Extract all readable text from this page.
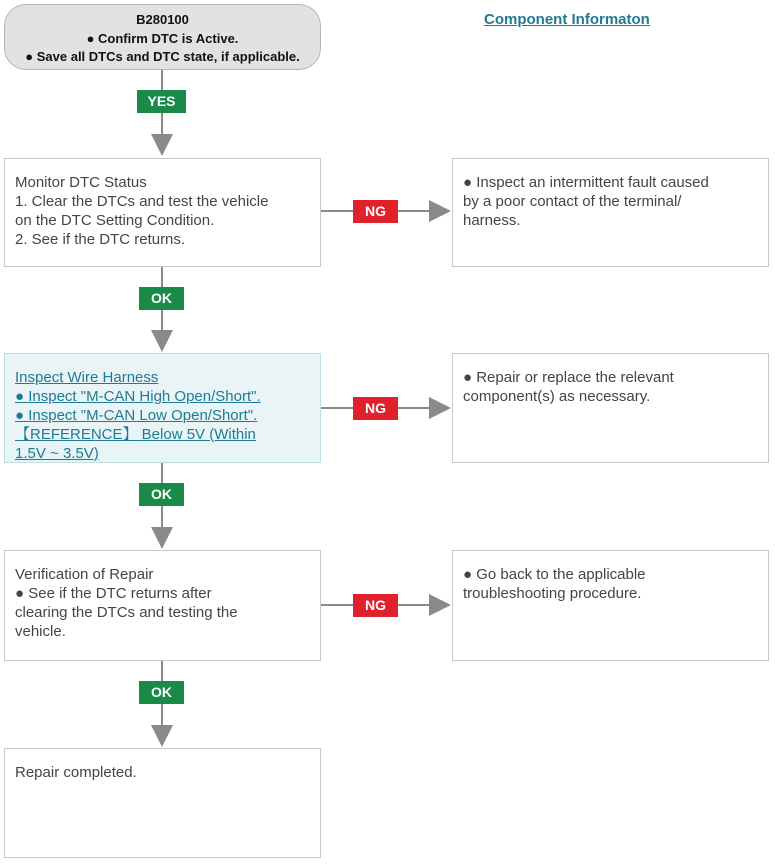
B280100
● Confirm DTC is Active.
● Save all DTCs and DTC state, if applicable.
Component Informaton
YES
OK
OK
OK
NG
NG
NG
Monitor DTC Status
1. Clear the DTCs and test the vehicle
on the DTC Setting Condition.
2. See if the DTC returns.
● Inspect an intermittent fault caused
by a poor contact of the terminal/
harness.
Inspect Wire Harness
● Inspect "M-CAN High Open/Short".
● Inspect "M-CAN Low Open/Short".
【REFERENCE】 Below 5V (Within
1.5V ~ 3.5V)
● Repair or replace the relevant
component(s) as necessary.
Verification of Repair
● See if the DTC returns after
clearing the DTCs and testing the
vehicle.
● Go back to the applicable
troubleshooting procedure.
Repair completed.
